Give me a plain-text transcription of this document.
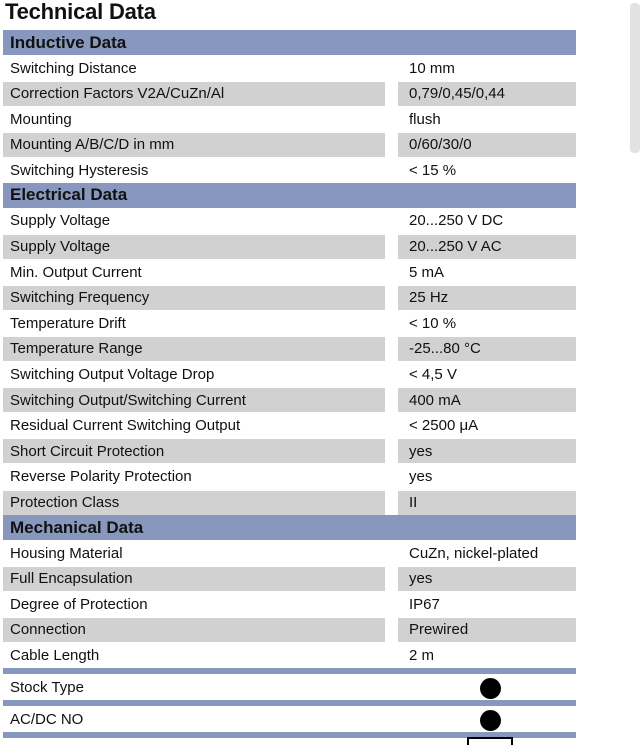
Technical Data
Inductive Data
Switching Distance	10 mm
Correction Factors V2A/CuZn/Al	0,79/0,45/0,44
Mounting	flush
Mounting A/B/C/D in mm	0/60/30/0
Switching Hysteresis	< 15 %
Electrical Data
Supply Voltage	20...250 V DC
Supply Voltage	20...250 V AC
Min. Output Current	5 mA
Switching Frequency	25 Hz
Temperature Drift	< 10 %
Temperature Range	-25...80 °C
Switching Output Voltage Drop	< 4,5 V
Switching Output/Switching Current	400 mA
Residual Current Switching Output	< 2500 μA
Short Circuit Protection	yes
Reverse Polarity Protection	yes
Protection Class	II
Mechanical Data
Housing Material	CuZn, nickel-plated
Full Encapsulation	yes
Degree of Protection	IP67
Connection	Prewired
Cable Length	2 m
Stock Type
AC/DC NO
